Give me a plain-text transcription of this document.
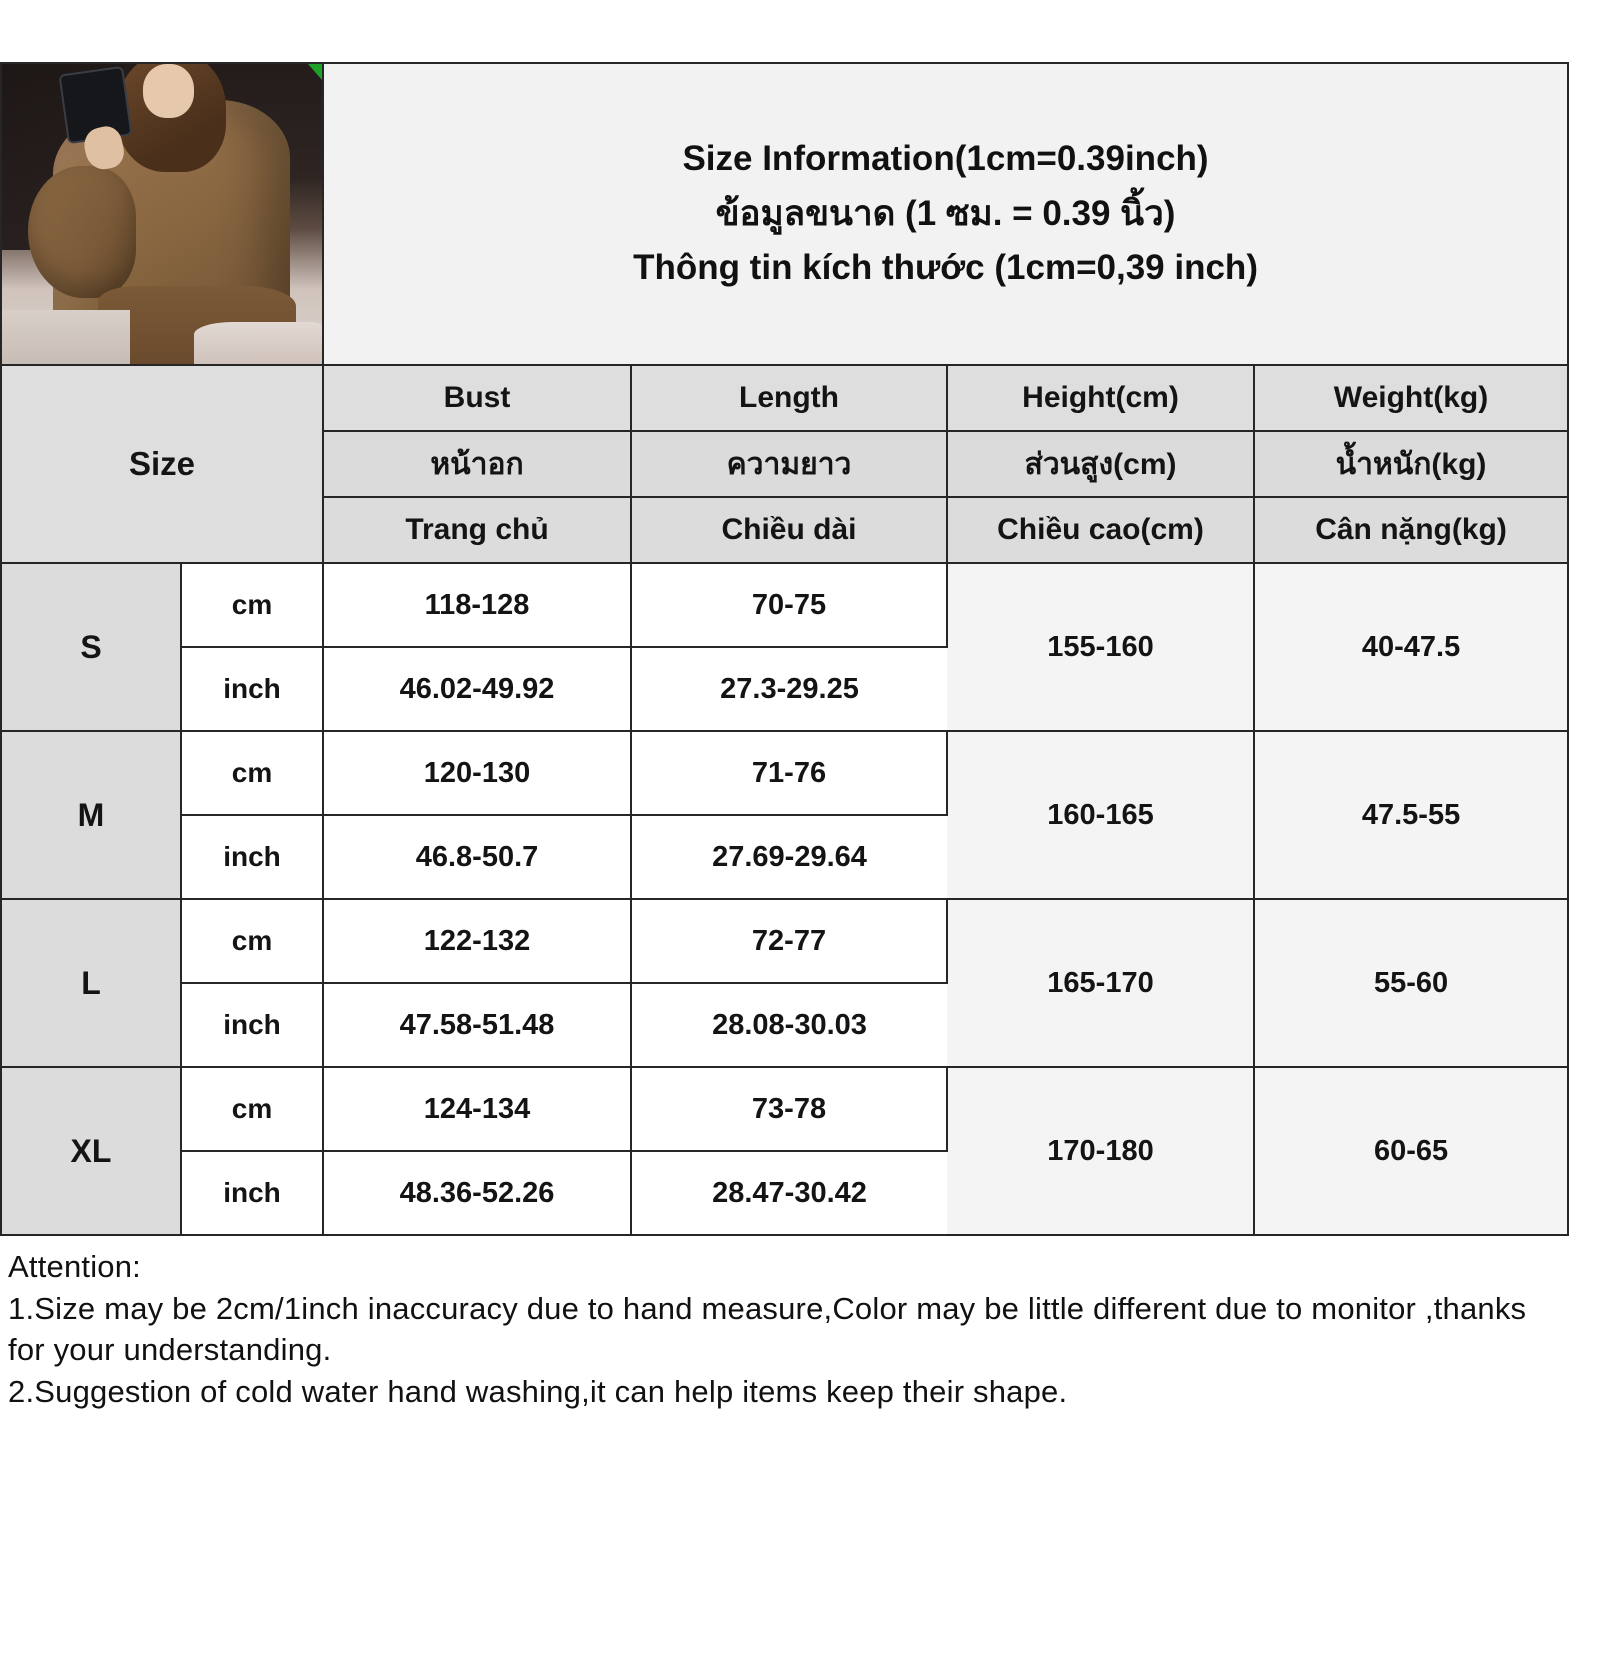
		Size Information(1cm=0.39inch)
ข้อมูลขนาด (1 ซม. = 0.39 นิ้ว)
Thông tin kích thước (1cm=0,39 inch)			

Size		Bust	Length	Height(cm)	Weight(kg)
		หน้าอก	ความยาว	ส่วนสูง(cm)	น้ำหนัก(kg)
		Trang chủ	Chiều dài	Chiều cao(cm)	Cân nặng(kg)
S	cm	118-128	70-75	155-160	40-47.5
	inch	46.02-49.92	27.3-29.25		
M	cm	120-130	71-76	160-165	47.5-55
	inch	46.8-50.7	27.69-29.64		
L	cm	122-132	72-77	165-170	55-60
	inch	47.58-51.48	28.08-30.03		
XL	cm	124-134	73-78	170-180	60-65
	inch	48.36-52.26	28.47-30.42		
Attention:
1.Size may be 2cm/1inch inaccuracy due to hand measure,Color may be little different due to monitor ,thanks for your understanding.
2.Suggestion of cold water hand washing,it can help items keep their shape.
